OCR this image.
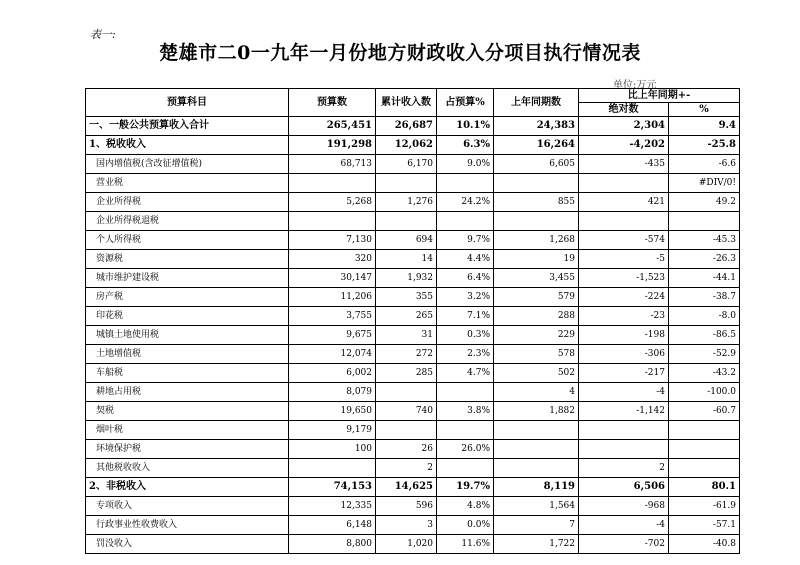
表一:
楚雄市二0一九年一月份地方财政收入分项目执行情况表
单位:万元
预算科目	预算数	累计收入数	占预算%	上年同期数	比上年同期+-	
					绝对数	%
一、一般公共预算收入合计	265,451	26,687	10.1%	24,383	2,304	9.4
1、税收收入	191,298	12,062	6.3%	16,264	-4,202	-25.8
国内增值税(含改征增值税)	68,713	6,170	9.0%	6,605	-435	-6.6
营业税						#DIV/0!
企业所得税	5,268	1,276	24.2%	855	421	49.2
企业所得税退税						
个人所得税	7,130	694	9.7%	1,268	-574	-45.3
资源税	320	14	4.4%	19	-5	-26.3
城市维护建设税	30,147	1,932	6.4%	3,455	-1,523	-44.1
房产税	11,206	355	3.2%	579	-224	-38.7
印花税	3,755	265	7.1%	288	-23	-8.0
城镇土地使用税	9,675	31	0.3%	229	-198	-86.5
土地增值税	12,074	272	2.3%	578	-306	-52.9
车船税	6,002	285	4.7%	502	-217	-43.2
耕地占用税	8,079			4	-4	-100.0
契税	19,650	740	3.8%	1,882	-1,142	-60.7
烟叶税	9,179					
环境保护税	100	26	26.0%			
其他税收收入		2			2	
2、非税收入	74,153	14,625	19.7%	8,119	6,506	80.1
专项收入	12,335	596	4.8%	1,564	-968	-61.9
行政事业性收费收入	6,148	3	0.0%	7	-4	-57.1
罚没收入	8,800	1,020	11.6%	1,722	-702	-40.8
